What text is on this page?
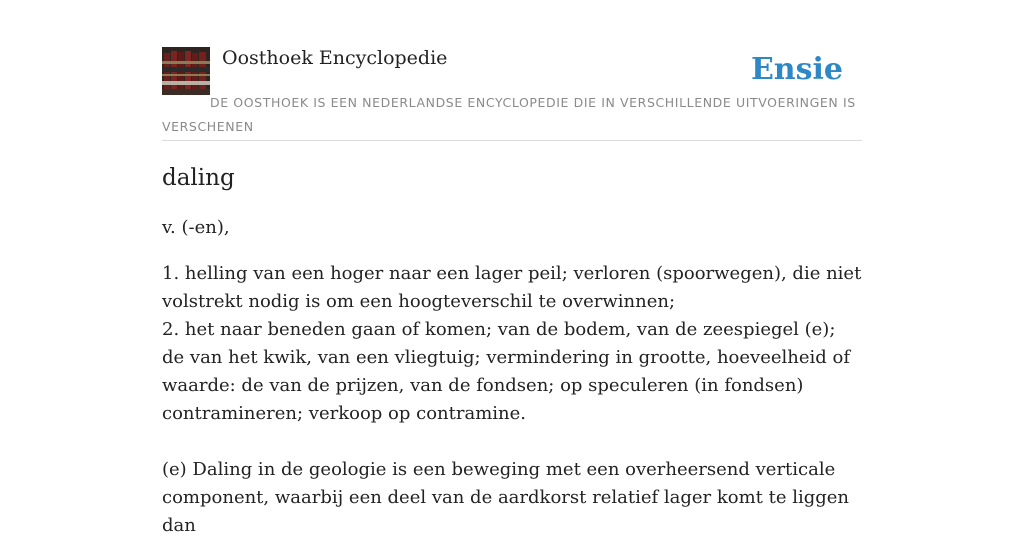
Oosthoek Encyclopedie	Ensie
DE OOSTHOEK IS EEN NEDERLANDSE ENCYCLOPEDIE DIE IN VERSCHILLENDE UITVOERINGEN IS VERSCHENEN
daling
v. (-en),

1. helling van een hoger naar een lager peil; verloren (spoorwegen), die niet volstrekt nodig is om een hoogteverschil te overwinnen;

2. het naar beneden gaan of komen; van de bodem, van de zeespiegel (e); de van het kwik, van een vliegtuig; vermindering in grootte, hoeveelheid of waarde: de van de prijzen, van de fondsen; op speculeren (in fondsen) contramineren; verkoop op contramine.

(e) Daling in de geologie is een beweging met een overheersend verticale component, waarbij een deel van de aardkorst relatief lager komt te liggen dan
